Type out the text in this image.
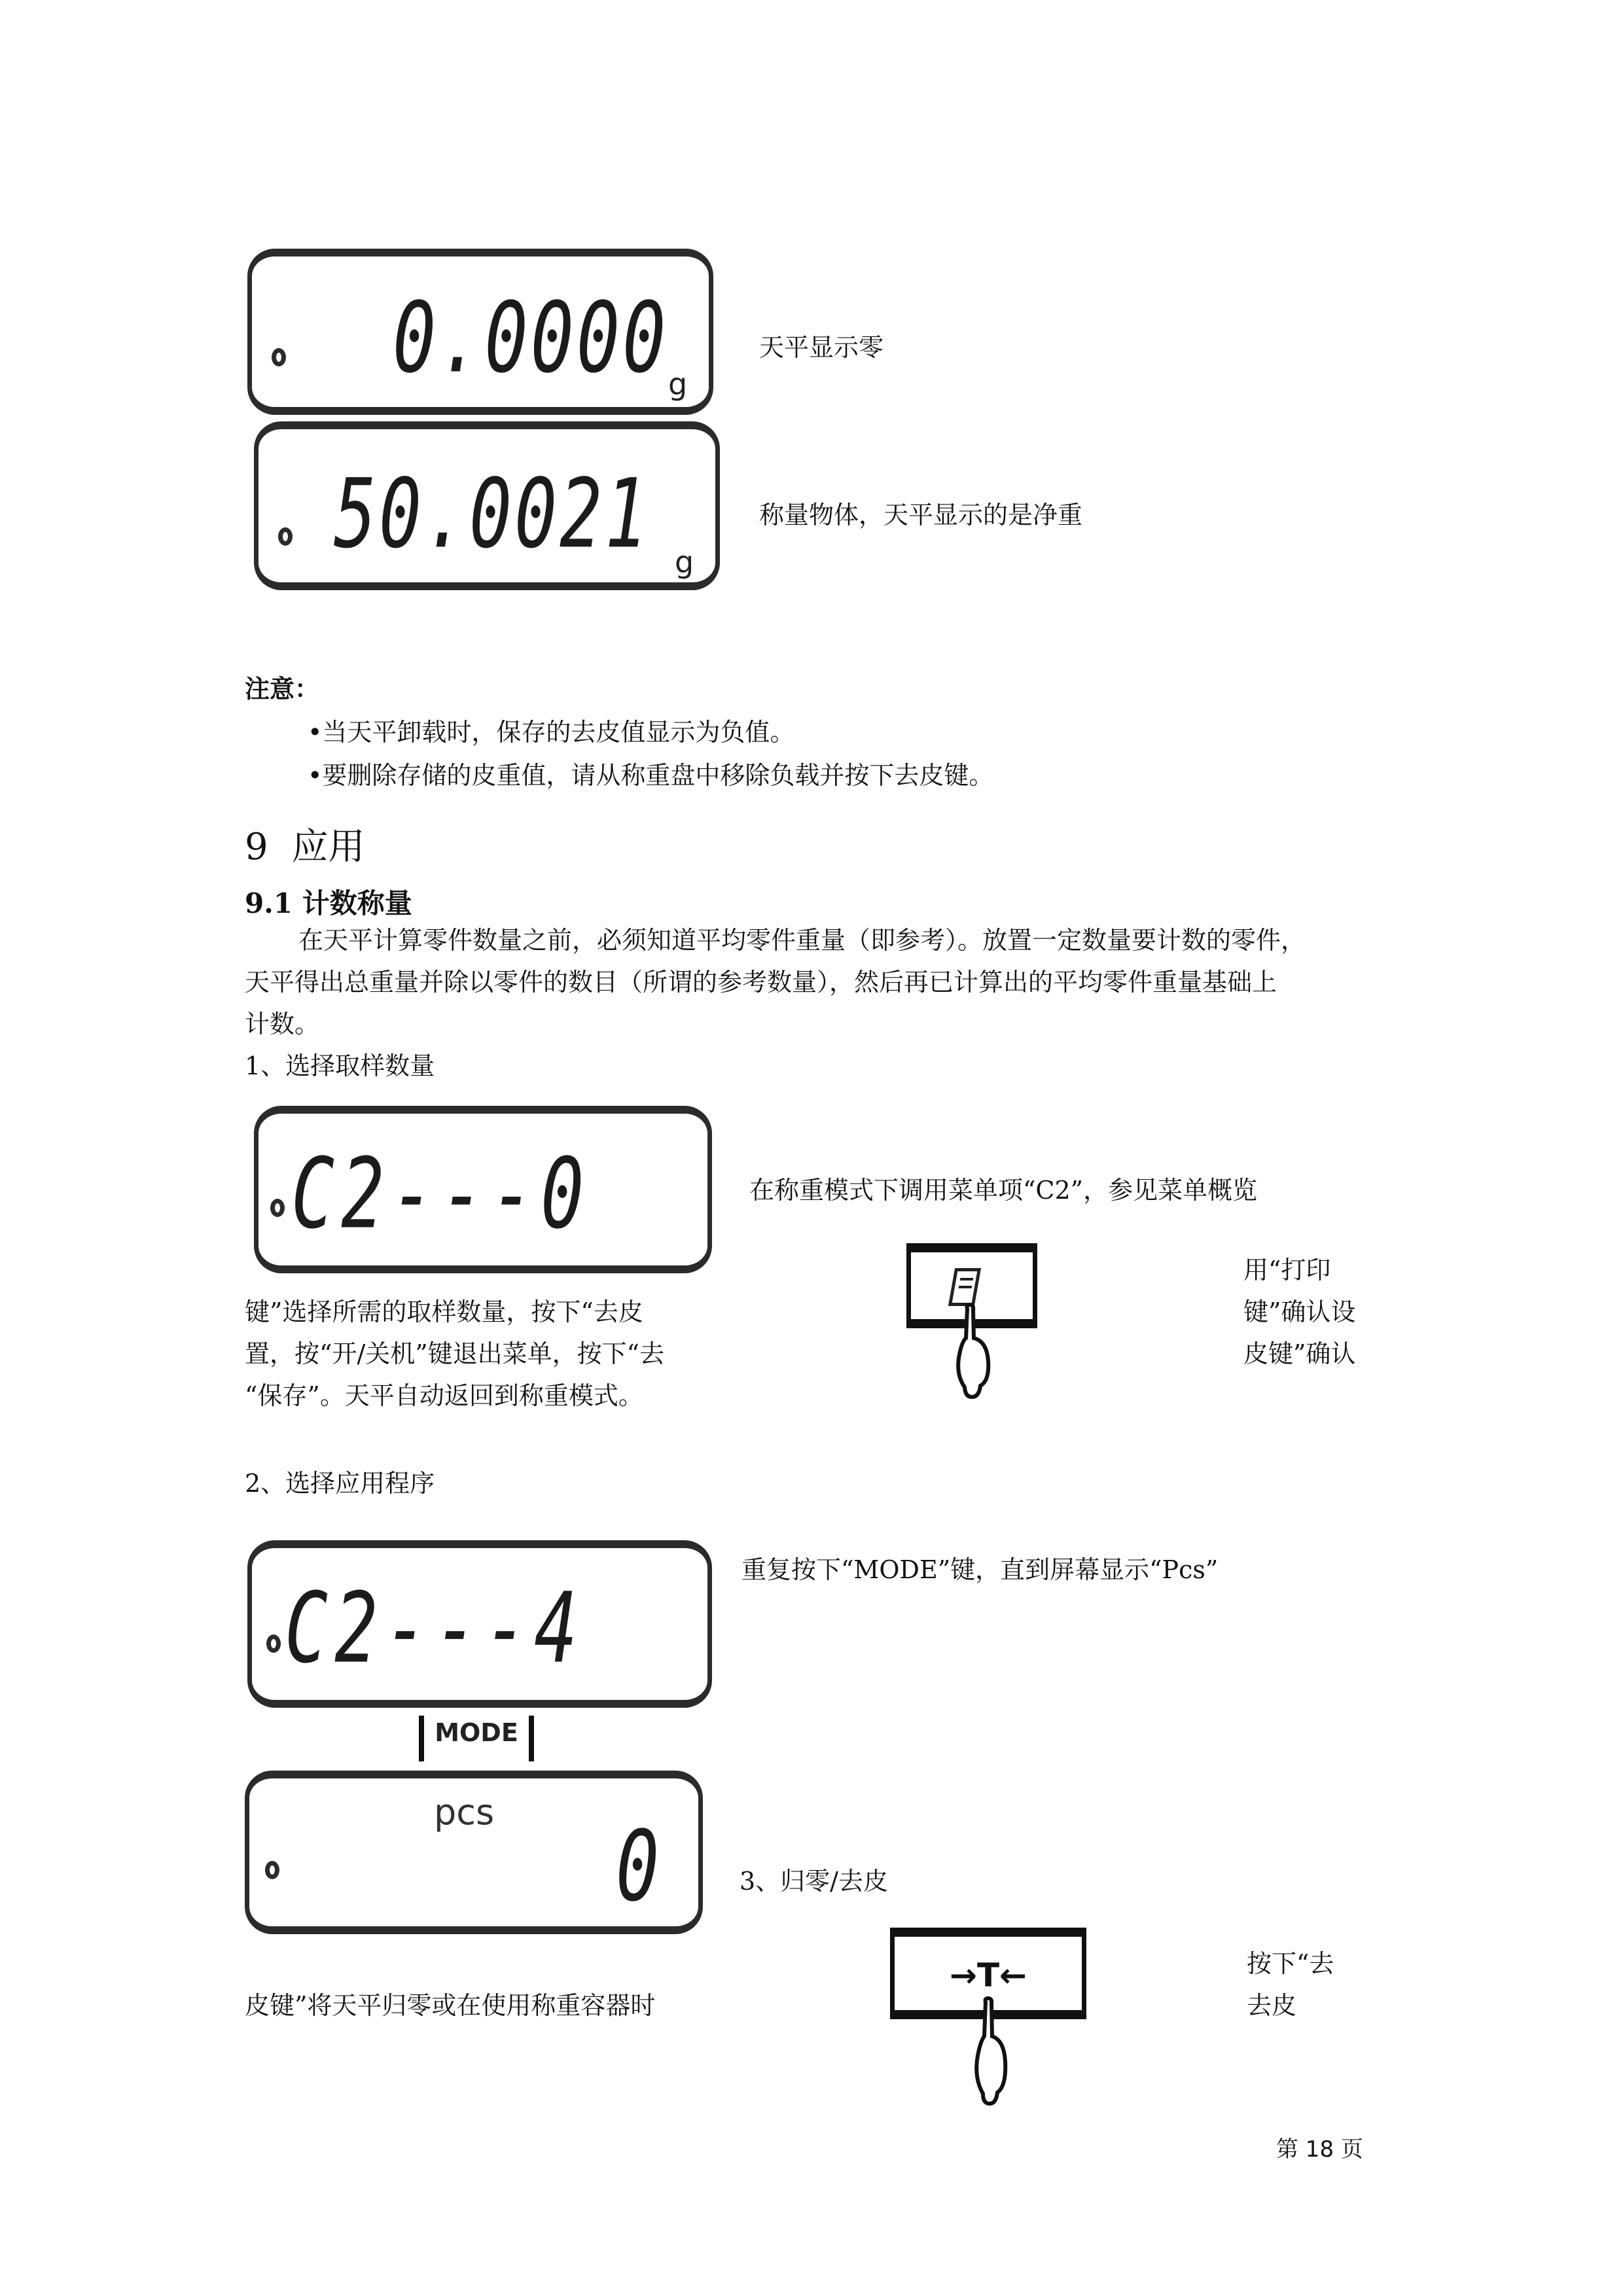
0.0000 g
天平显示零
50.0021 g
称量物体，天平显示的是净重
注意：
•当天平卸载时，保存的去皮值显示为负值。
•要删除存储的皮重值，请从称重盘中移除负载并按下去皮键。
9 应用
9.1 计数称量
在天平计算零件数量之前，必须知道平均零件重量（即参考）。放置一定数量要计数的零件，
天平得出总重量并除以零件的数目（所谓的参考数量），然后再已计算出的平均零件重量基础上
计数。
1、选择取样数量
C2---0	在称重模式下调用菜单项“C2”，参见菜单概览
用“打印
键”确认设
皮键”确认
键”选择所需的取样数量，按下“去皮
置，按“开/关机”键退出菜单，按下“去
“保存”。天平自动返回到称重模式。
2、选择应用程序
C2---4
重复按下“MODE”键，直到屏幕显示“Pcs”
MODE
pcs 0	3、归零/去皮
→T←	按下“去
去皮
皮键”将天平归零或在使用称重容器时
第 18 页
